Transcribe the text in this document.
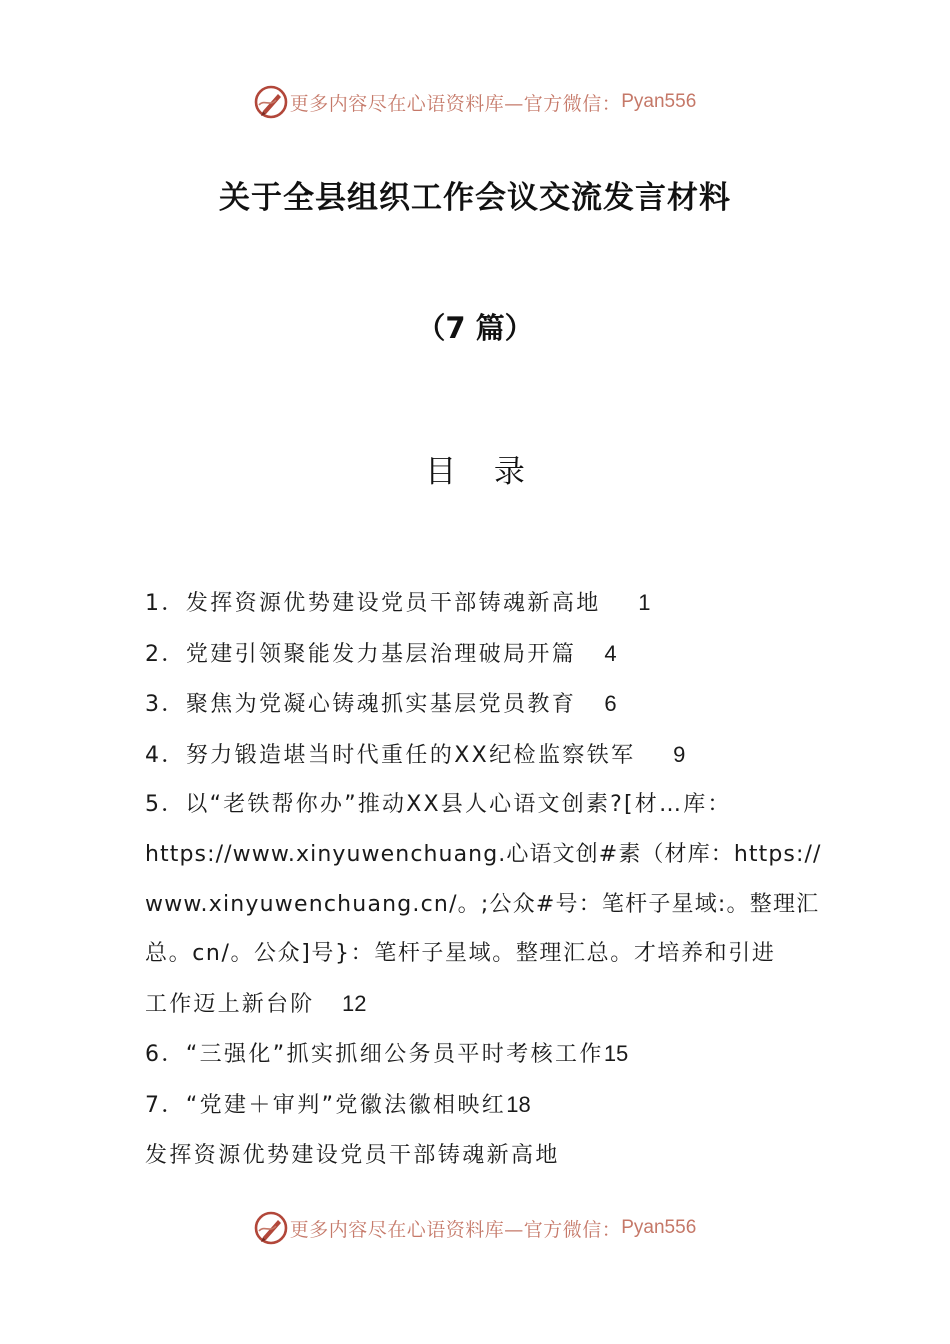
更多内容尽在心语资料库—官方微信： Pyan556
关于全县组织工作会议交流发言材料
（7 篇）
目 录
1．发挥资源优势建设党员干部铸魂新高地 1
2．党建引领聚能发力基层治理破局开篇 4
3．聚焦为党凝心铸魂抓实基层党员教育 6
4．努力锻造堪当时代重任的XX纪检监察铁军 9
5．以“老铁帮你办”推动XX县人心语文创素?[材…库：
https://www.xinyuwenchuang.心语文创#素（材库：https://
www.xinyuwenchuang.cn/。;公众#号：笔杆子星域:。整理汇
总。cn/。公众]号}：笔杆子星域。整理汇总。才培养和引进
工作迈上新台阶 12
6．“三强化”抓实抓细公务员平时考核工作15
7．“党建＋审判”党徽法徽相映红18
发挥资源优势建设党员干部铸魂新高地
更多内容尽在心语资料库—官方微信： Pyan556
